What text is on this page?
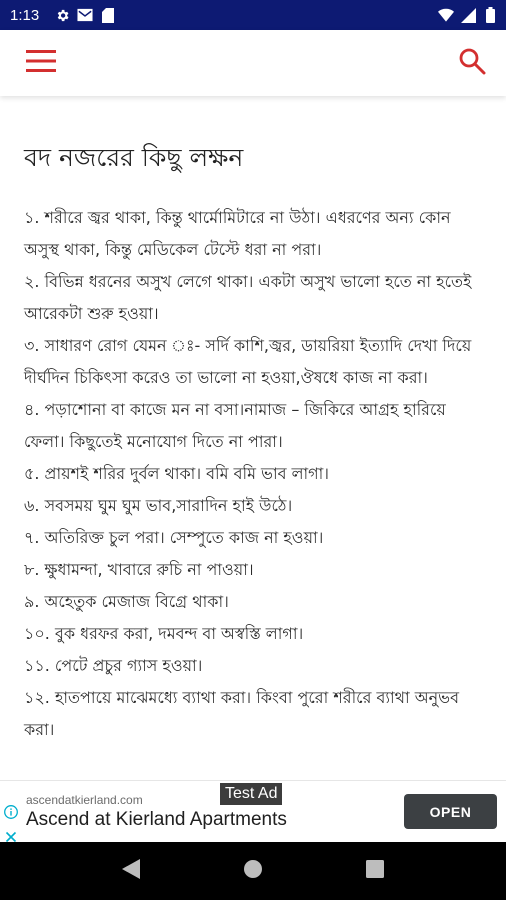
1:13
বদ নজরের কিছু লক্ষন

১. শরীরে জ্বর থাকা, কিন্তু থার্মোমিটারে না উঠা। এধরণের অন্য কোন অসুস্থ থাকা, কিন্তু মেডিকেল টেস্টে ধরা না পরা।

২. বিভিন্ন ধরনের অসুখ লেগে থাকা। একটা অসুখ ভালো হতে না হতেই আরেকটা শুরু হওয়া।

৩. সাধারণ রোগ যেমন ঃ- সর্দি কাশি,জ্বর, ডায়রিয়া ইত্যাদি দেখা দিয়ে দীর্ঘদিন চিকিৎসা করেও তা ভালো না হওয়া,ঔষধে কাজ না করা।

৪. পড়াশোনা বা কাজে মন না বসা।নামাজ – জিকিরে আগ্রহ হারিয়ে ফেলা। কিছুতেই মনোযোগ দিতে না পারা।

৫. প্রায়শই শরির দুর্বল থাকা। বমি বমি ভাব লাগা।

৬. সবসময় ঘুম ঘুম ভাব,সারাদিন হাই উঠে।

৭. অতিরিক্ত চুল পরা। সেম্পুতে কাজ না হওয়া।

৮. ক্ষুধামন্দা, খাবারে রুচি না পাওয়া।

৯. অহেতুক মেজাজ বিগ্রে থাকা।

১০. বুক ধরফর করা, দমবন্দ বা অস্বস্তি লাগা।

১১. পেটে প্রচুর গ্যাস হওয়া।

১২. হাতপায়ে মাঝেমধ্যে ব্যাথা করা। কিংবা পুরো শরীরে ব্যাথা অনুভব করা।

Test Ad
ascendatkierland.com
Ascend at Kierland Apartments	OPEN
